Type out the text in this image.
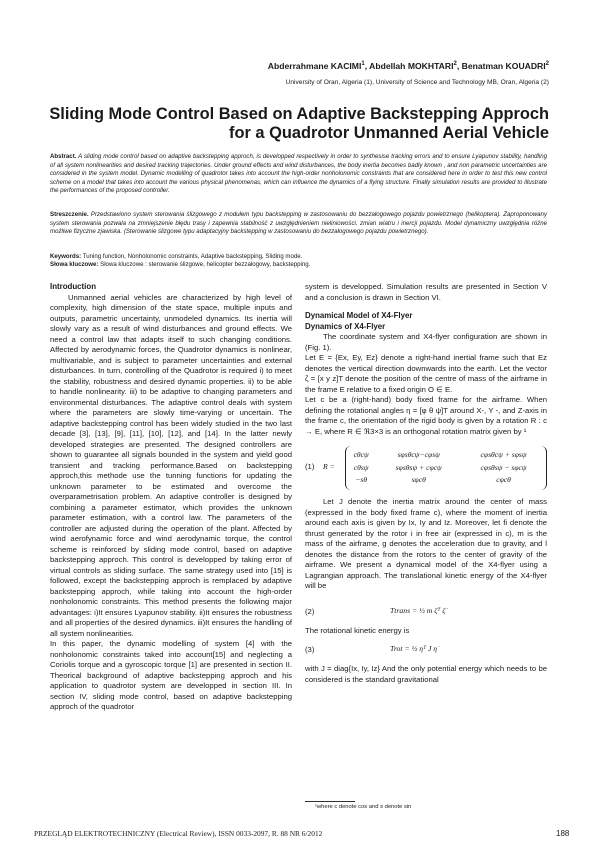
Abderrahmane KACIMI$^1$, Abdellah MOKHTARI$^2$, Benatman KOUADRI$^2$
University of Oran, Algeria (1), University of Science and Technology MB, Oran, Algeria (2)
Sliding Mode Control Based on Adaptive Backstepping Approch
for a Quadrotor Unmanned Aerial Vehicle
Abstract. A sliding mode control based on adaptive backstepping approch, is developped respectively in order to synthesise tracking errors and to ensure Lyapunov stability, handling of all system nonlinearities and desired tracking trajectories. Under ground effects and wind disturbances, the body inertia becomes badly known , and non parametric uncertainties are considered in the system model. Dynamic modelling of quadrotor takes into account the high-order nonholonomic constraints that are considered here in order to test this new control scheme on a model that takes into account the various physical phenomenas, which can influence the dynamics of a flying structure. Finally simulation results are provided to illustrate the performances of the proposed controller.
Streszczenie. Przedstawiono system sterowania ślizgowego z modułem typu backstepping w zastosowaniu do bezzałogowego pojazdu powietrznego (helikoptera). Zaproponowany system sterowania pozwala na zmniejszenie błędu trasy i zapewnia stabilność z uwzględnieniem nieliniowości, zmian wiatru i inercji pojazdu. Model dynamiczny uwzględnia różne możliwe fizyczne zjawiska. (Sterowanie ślizgowe typu adaptacyjny backstepping w zastosowaniu do bezzałogowego pojazdu powietrznego).
Keywords: Tuning function, Nonholonomic constraints, Adaptive backstepping, Sliding mode.
Słowa kluczowe: Słowa kluczowe : sterowanie ślizgowe, helicopter bezzałogowy, backstepping.
Introduction

Unmanned aerial vehicles are characterized by high level of complexity, high dimension of the state space, multiple inputs and outputs, parametric uncertainty, unmodeled dynamics. Its inertia will slowly vary as a result of wind disturbances and ground effects. We need a control law that adapts itself to such changing conditions. Affected by aerodynamic forces, the Quadrotor dynamics is nonlinear, multivariable, and is subject to parameter uncertainties and external disturbances. In turn, controlling of the Quadrotor is required i) to meet the stability, robustness and desired dynamic properties. ii) to be able to handle nonlinearity. iii) to be adaptive to changing parameters and environmental disturbances. The adaptive control deals with system where the parameters are slowly time-varying or uncertain. The adaptive backstepping control has been widely studied in the two last decade [3], [13], [9], [11], [10], [12], and [14]. In the latter newly developed strategies are presented. The designed controllers are shown to guarantee all signals bounded in the system and yield good transient and tracking performance.Based on backstepping approch,this methode use the tunning functions for updating the unknown parameter to be estimated and overcome the overparametrisation problem. An adaptive controller is designed by combining a parameter estimator, which provides the unknown parameter estimation, with a control law. The parameters of the controller are adjusted during the operation of the plant. Affected by wind aerofynamic force and wind aerodynamic torque, the control scheme is reinforced by sliding mode control, based on adaptive backstepping approch. This control is developped by taking error of virtual controls as sliding surface. The same strategy used into [15] is followed, except the backstepping approch is remplaced by adaptive backstepping approch, while taking into account the high-order nonholonomic constraints. This method presents the following major advantages: i)It ensures Lyapunov stability. ii)It ensures the robustness and all properties of the desired dynamics. iii)It ensures the handling of all system nonlinearities.

In this paper, the dynamic modelling of system [4] with the nonholonomic constraints taked into account[15] and neglecting a Coriolis torque and a gyroscopic torque [1] are presented in section II. Theorical background of adaptive backstepping approch and his application to quadrotor system are developped in section III. In section IV, sliding mode control, based on adaptive backstepping approch of the quadrotor

system is developped. Simulation results are presented in Section V and a conclusion is drawn in Section VI.

Dynamical Model of X4-Flyer
Dynamics of X4-Flyer

The coordinate system and X4-flyer configuration are shown in (Fig. 1).

Let E = {Ex, Ey, Ez} denote a right-hand inertial frame such that Ez denotes the vertical direction downwards into the earth. Let the vector ζ = [x y z]T denote the position of the centre of mass of the airframe in the frame E relative to a fixed origin O ∈ E.

Let c be a (right-hand) body fixed frame for the airframe. When defining the rotational angles η = [φ θ ψ]T around X-, Y -, and Z-axis in the frame c, the orientation of the rigid body is given by a rotation R : c → E, where R ∈ ℜ3×3 is an orthogonal rotation matrix given by ¹

(1) R =
cθcψ	sφsθcψ−cφsψ	cφsθcψ + sφsψ
cθsψ	sφsθsψ + cφcψ	cφsθsψ − sφcψ
−sθ	sφcθ	cφcθ

Let J denote the inertia matrix around the center of mass (expressed in the body fixed frame c), where the moment of inertia around each axis is given by Ix, Iy and Iz. Moreover, let fi denote the thrust generated by the rotor i in free air (expressed in c), m is the mass of the airframe, g denotes the acceleration due to gravity, and l denotes the distance from the rotors to the center of gravity of the airframe. We present a dynamical model of the X4-flyer using a Lagrangian approach. The translational kinetic energy of the X4-flyer will be

(2)	Ttrans = ½ m ζ̇ᵀ ζ̇

The rotational kinetic energy is

(3)	Trot = ½ η̇ᵀ J η̇

with J = diag{Ix, Iy, Iz} And the only potential energy which needs to be considered is the standard gravitational

¹where c denote cos and s denote sin
PRZEGLĄD ELEKTROTECHNICZNY (Electrical Review), ISSN 0033-2097, R. 88 NR 6/2012	188
